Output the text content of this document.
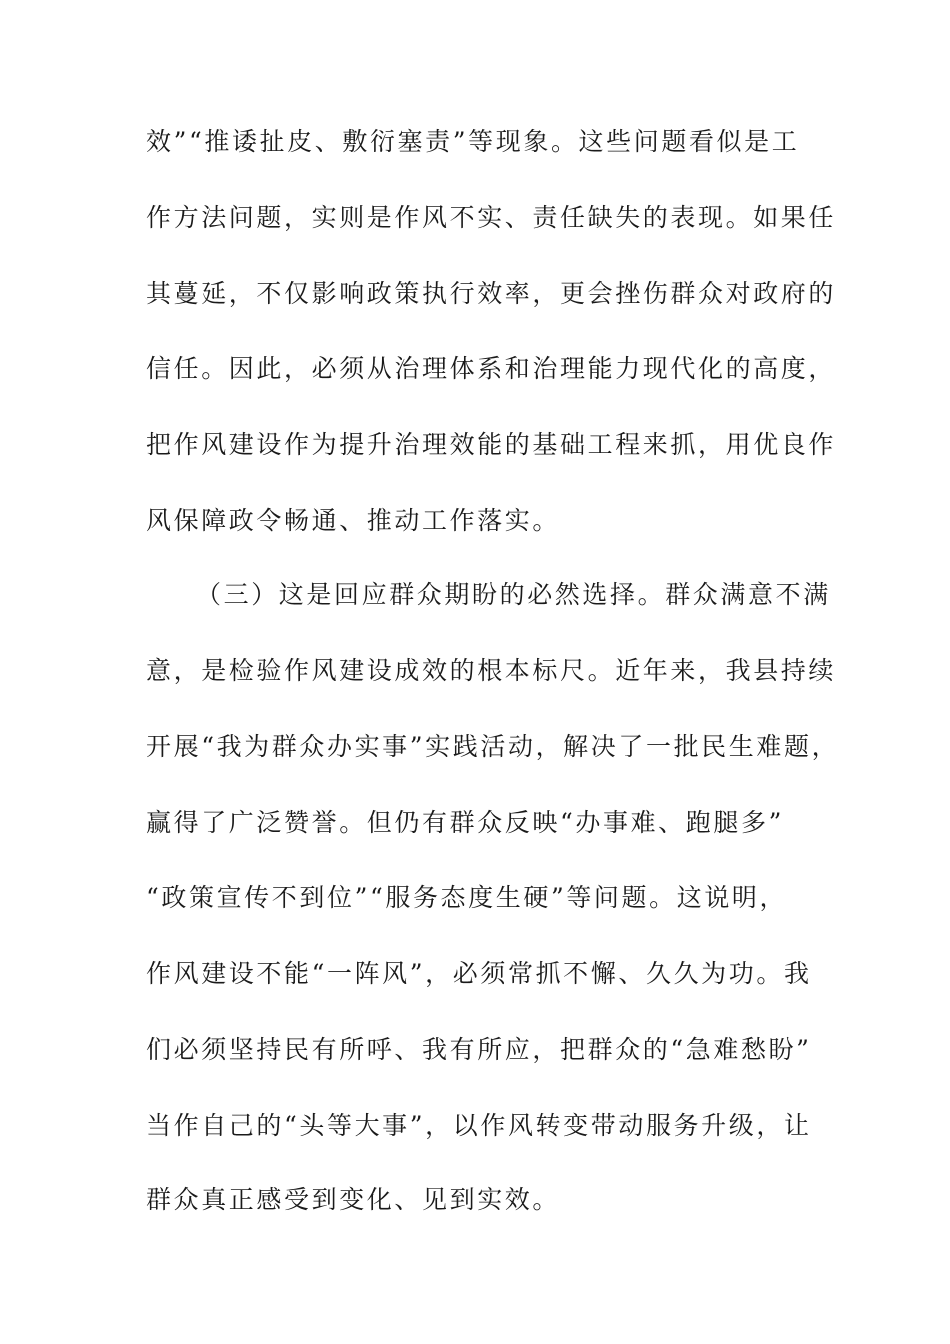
效”“推诿扯皮、敷衍塞责”等现象。这些问题看似是工
作方法问题，实则是作风不实、责任缺失的表现。如果任
其蔓延，不仅影响政策执行效率，更会挫伤群众对政府的
信任。因此，必须从治理体系和治理能力现代化的高度，
把作风建设作为提升治理效能的基础工程来抓，用优良作
风保障政令畅通、推动工作落实。
（三）这是回应群众期盼的必然选择。群众满意不满
意，是检验作风建设成效的根本标尺。近年来，我县持续
开展“我为群众办实事”实践活动，解决了一批民生难题，
赢得了广泛赞誉。但仍有群众反映“办事难、跑腿多”
“政策宣传不到位”“服务态度生硬”等问题。这说明，
作风建设不能“一阵风”，必须常抓不懈、久久为功。我
们必须坚持民有所呼、我有所应，把群众的“急难愁盼”
当作自己的“头等大事”，以作风转变带动服务升级，让
群众真正感受到变化、见到实效。
